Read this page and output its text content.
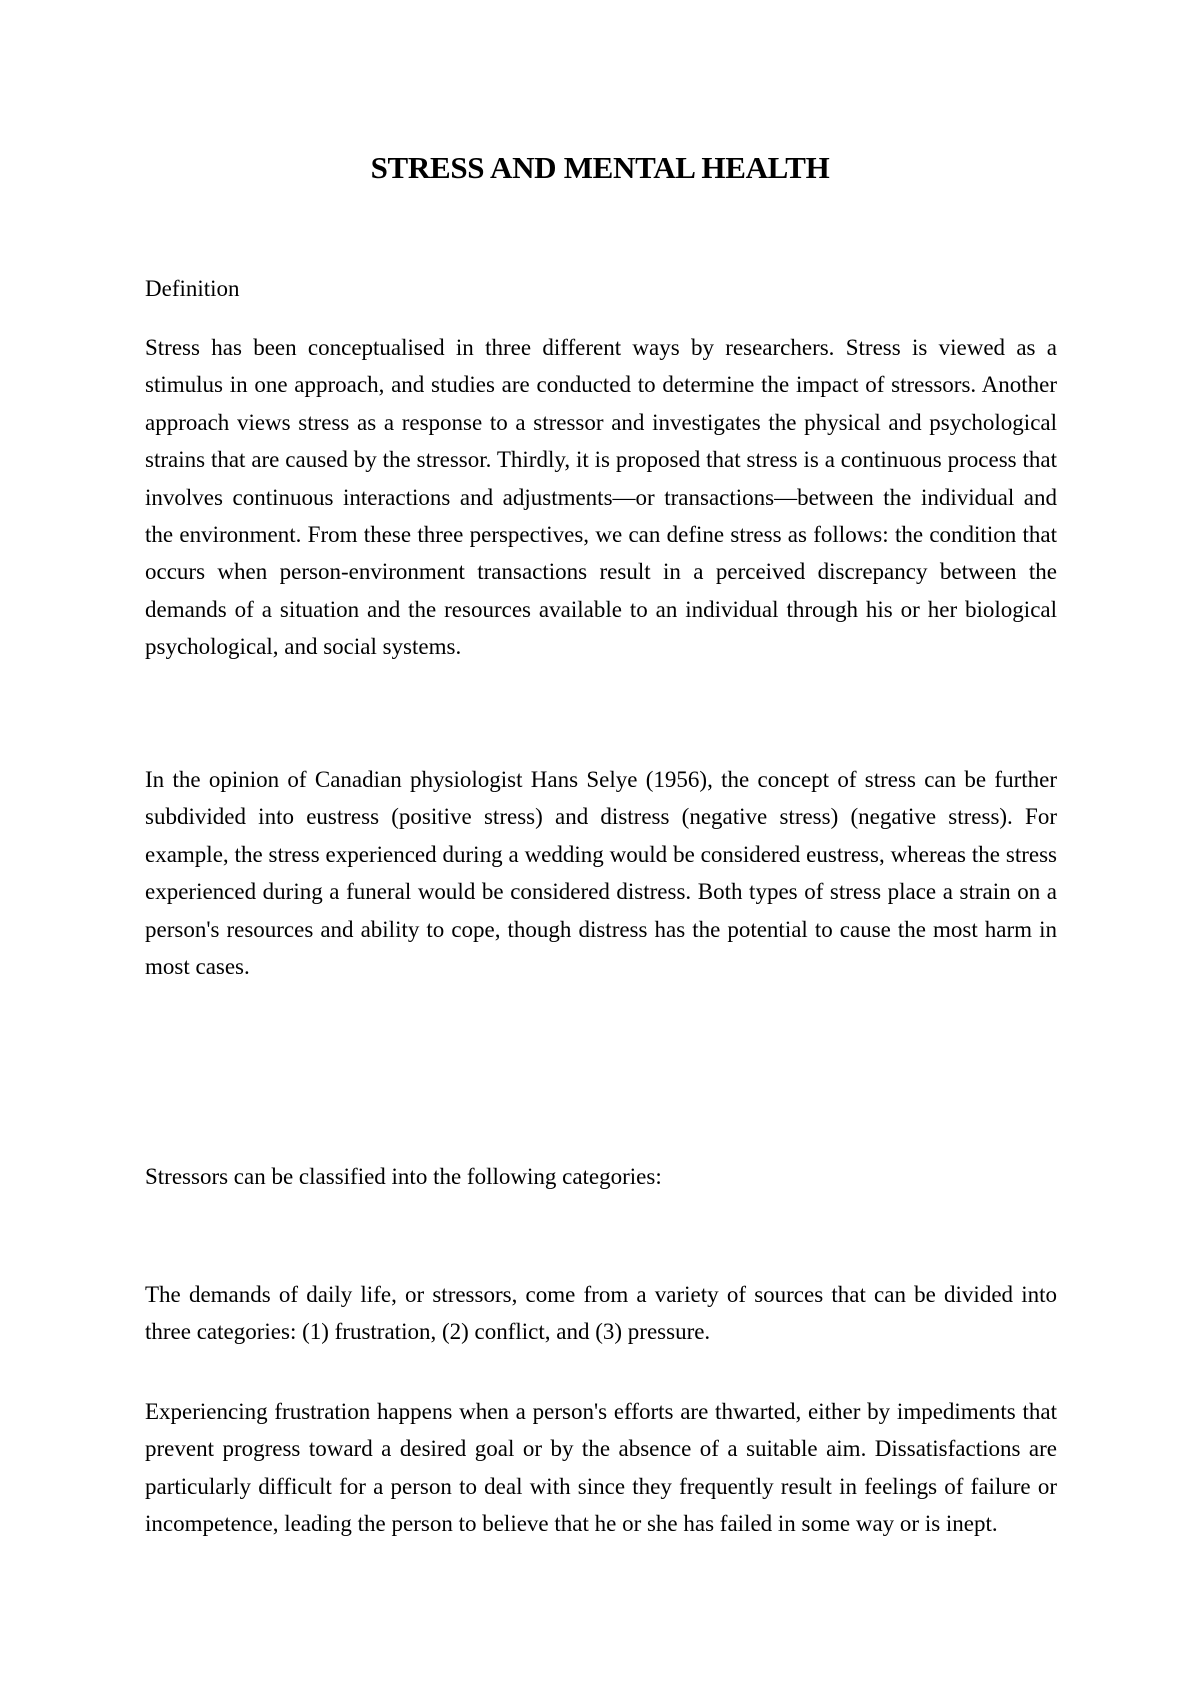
STRESS AND MENTAL HEALTH

Definition

Stress has been conceptualised in three different ways by researchers. Stress is viewed as a stimulus in one approach, and studies are conducted to determine the impact of stressors. Another approach views stress as a response to a stressor and investigates the physical and psychological strains that are caused by the stressor. Thirdly, it is proposed that stress is a continuous process that involves continuous interactions and adjustments—or transactions—between the individual and the environment. From these three perspectives, we can define stress as follows: the condition that occurs when person-environment transactions result in a perceived discrepancy between the demands of a situation and the resources available to an individual through his or her biological psychological, and social systems.

In the opinion of Canadian physiologist Hans Selye (1956), the concept of stress can be further subdivided into eustress (positive stress) and distress (negative stress) (negative stress). For example, the stress experienced during a wedding would be considered eustress, whereas the stress experienced during a funeral would be considered distress. Both types of stress place a strain on a person's resources and ability to cope, though distress has the potential to cause the most harm in most cases.

Stressors can be classified into the following categories:

The demands of daily life, or stressors, come from a variety of sources that can be divided into three categories: (1) frustration, (2) conflict, and (3) pressure.

Experiencing frustration happens when a person's efforts are thwarted, either by impediments that prevent progress toward a desired goal or by the absence of a suitable aim. Dissatisfactions are particularly difficult for a person to deal with since they frequently result in feelings of failure or incompetence, leading the person to believe that he or she has failed in some way or is inept.
